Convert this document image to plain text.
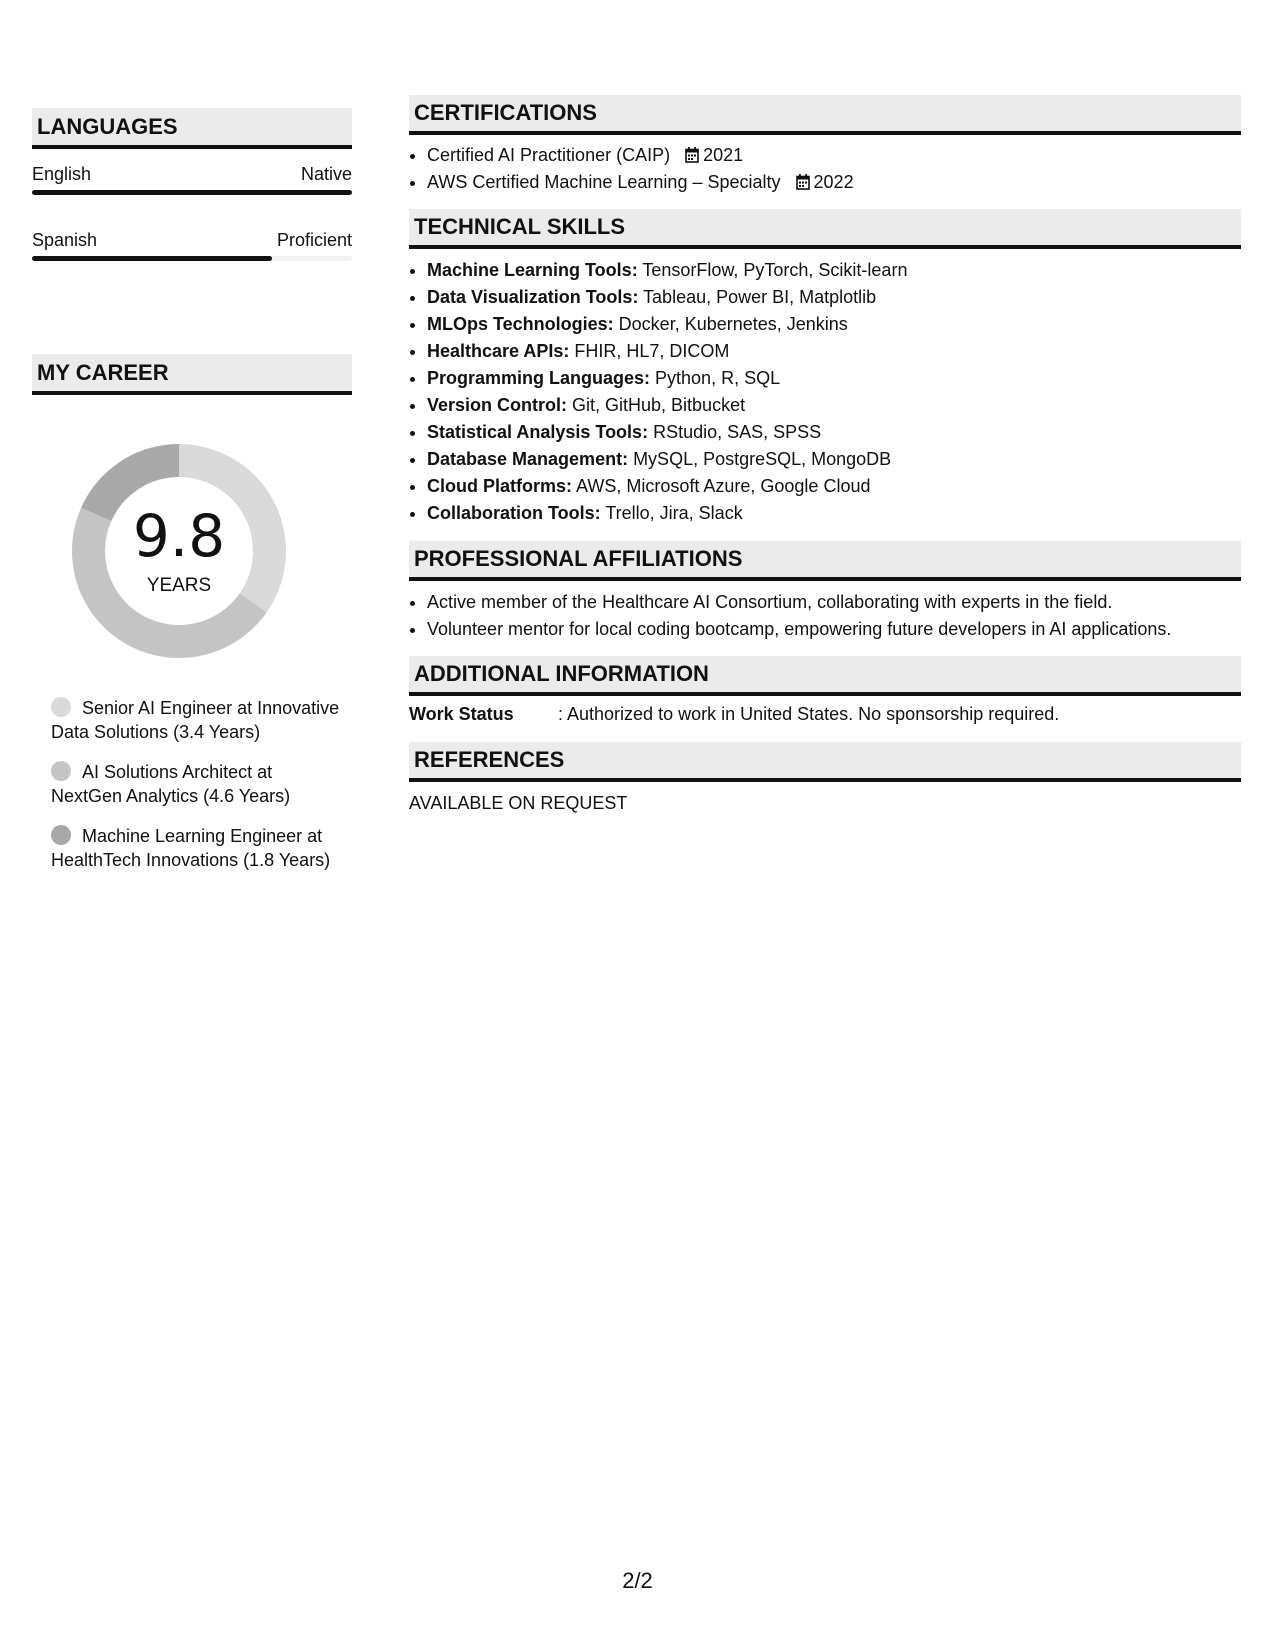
LANGUAGES
English	Native
Spanish	Proficient
MY CAREER
9.8
YEARS
Senior AI Engineer at Innovative Data Solutions (3.4 Years)
AI Solutions Architect at NextGen Analytics (4.6 Years)
Machine Learning Engineer at HealthTech Innovations (1.8 Years)
CERTIFICATIONS
• Certified AI Practitioner (CAIP) 2021
• AWS Certified Machine Learning – Specialty 2022
TECHNICAL SKILLS
• Machine Learning Tools: TensorFlow, PyTorch, Scikit-learn
• Data Visualization Tools: Tableau, Power BI, Matplotlib
• MLOps Technologies: Docker, Kubernetes, Jenkins
• Healthcare APIs: FHIR, HL7, DICOM
• Programming Languages: Python, R, SQL
• Version Control: Git, GitHub, Bitbucket
• Statistical Analysis Tools: RStudio, SAS, SPSS
• Database Management: MySQL, PostgreSQL, MongoDB
• Cloud Platforms: AWS, Microsoft Azure, Google Cloud
• Collaboration Tools: Trello, Jira, Slack
PROFESSIONAL AFFILIATIONS
• Active member of the Healthcare AI Consortium, collaborating with experts in the field.
• Volunteer mentor for local coding bootcamp, empowering future developers in AI applications.
ADDITIONAL INFORMATION
Work Status : Authorized to work in United States. No sponsorship required.
REFERENCES
AVAILABLE ON REQUEST
2/2
